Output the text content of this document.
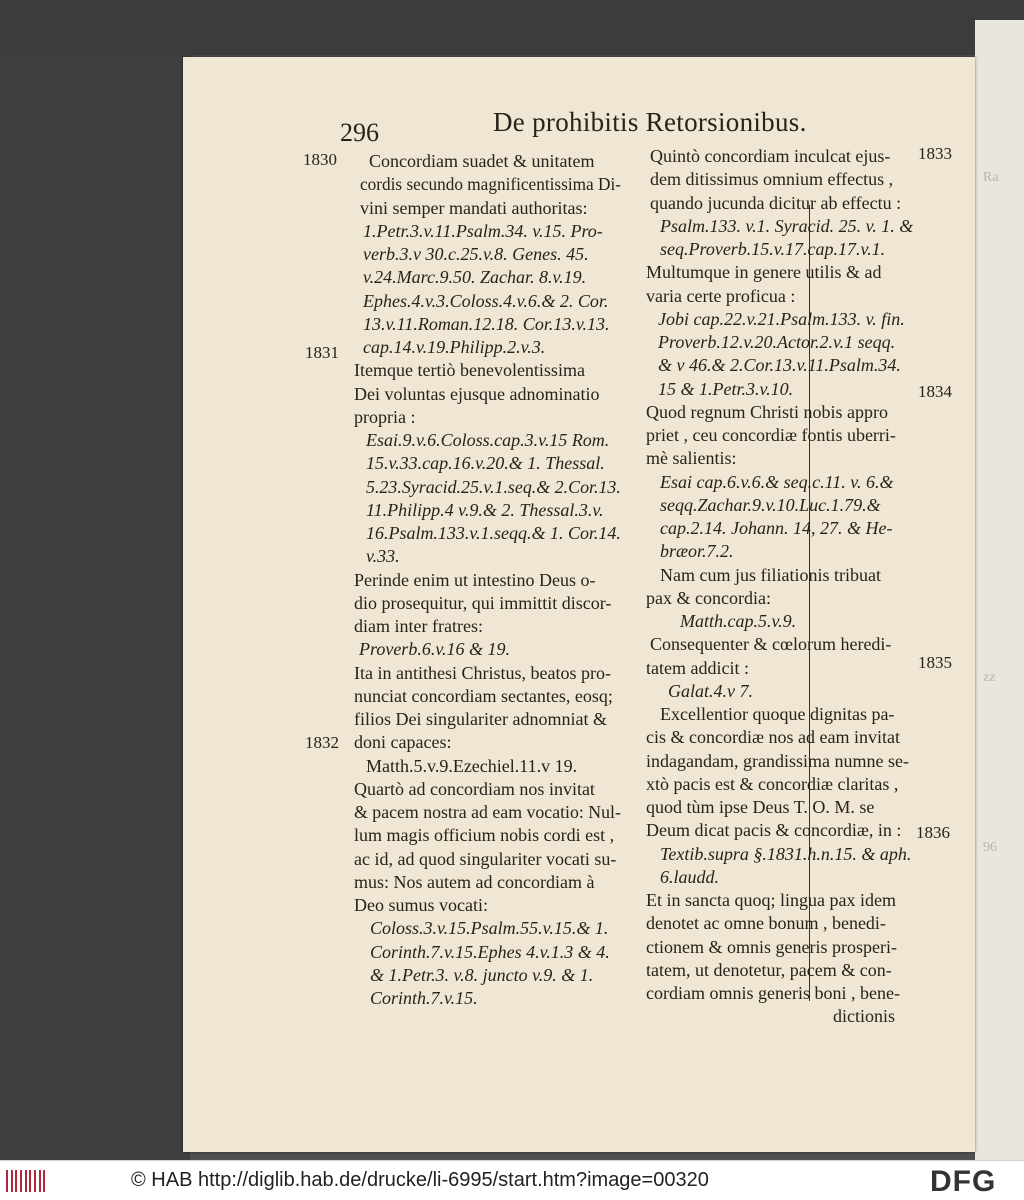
Ra
zz
96
296	De prohibitis Retorsionibus.
Concordiam suadet & unitatem
cordis secundo magnificentissima Di-
vini semper mandati authoritas:
1.Petr.3.v.11.Psalm.34. v.15. Pro-
verb.3.v 30.c.25.v.8. Genes. 45.
v.24.Marc.9.50. Zachar. 8.v.19.
Ephes.4.v.3.Coloss.4.v.6.& 2. Cor.
13.v.11.Roman.12.18. Cor.13.v.13.
cap.14.v.19.Philipp.2.v.3.
Itemque tertiò benevolentissima
Dei voluntas ejusque adnominatio
propria :
Esai.9.v.6.Coloss.cap.3.v.15 Rom.
15.v.33.cap.16.v.20.& 1. Thessal.
5.23.Syracid.25.v.1.seq.& 2.Cor.13.
11.Philipp.4 v.9.& 2. Thessal.3.v.
16.Psalm.133.v.1.seqq.& 1. Cor.14.
v.33.
Perinde enim ut intestino Deus o-
dio prosequitur, qui immittit discor-
diam inter fratres:
Proverb.6.v.16 & 19.
Ita in antithesi Christus, beatos pro-
nunciat concordiam sectantes, eosq;
filios Dei singulariter adnomniat &
doni capaces:
Matth.5.v.9.Ezechiel.11.v 19.
Quartò ad concordiam nos invitat
& pacem nostra ad eam vocatio: Nul-
lum magis officium nobis cordi est ,
ac id, ad quod singulariter vocati su-
mus: Nos autem ad concordiam à
Deo sumus vocati:
Coloss.3.v.15.Psalm.55.v.15.& 1.
Corinth.7.v.15.Ephes 4.v.1.3 & 4.
& 1.Petr.3. v.8. juncto v.9. & 1.
Corinth.7.v.15.
Quintò concordiam inculcat ejus-
dem ditissimus omnium effectus ,
quando jucunda dicitur ab effectu :
Psalm.133. v.1. Syracid. 25. v. 1. &
seq.Proverb.15.v.17.cap.17.v.1.
Multumque in genere utilis & ad
varia certe proficua :
Jobi cap.22.v.21.Psalm.133. v. fin.
Proverb.12.v.20.Actor.2.v.1 seqq.
& v 46.& 2.Cor.13.v.11.Psalm.34.
15 & 1.Petr.3.v.10.
Quod regnum Christi nobis appro
priet , ceu concordiæ fontis uberri-
mè salientis:
Esai cap.6.v.6.& seq.c.11. v. 6.&
seqq.Zachar.9.v.10.Luc.1.79.&
cap.2.14. Johann. 14, 27. & He-
bræor.7.2.
Nam cum jus filiationis tribuat
pax & concordia:
Matth.cap.5.v.9.
Consequenter & cœlorum heredi-
tatem addicit :
Galat.4.v 7.
Excellentior quoque dignitas pa-
cis & concordiæ nos ad eam invitat
indagandam, grandissima numne se-
xtò pacis est & concordiæ claritas ,
quod tùm ipse Deus T. O. M. se
Deum dicat pacis & concordiæ, in :
Textib.supra §.1831.h.n.15. & aph.
6.laudd.
Et in sancta quoq; lingua pax idem
denotet ac omne bonum , benedi-
ctionem & omnis generis prosperi-
tatem, ut denotetur, pacem & con-
cordiam omnis generis boni , bene-
dictionis
1830
1831
1832
1833
1834
1835
1836
© HAB http://diglib.hab.de/drucke/li-6995/start.htm?image=00320	DFG
